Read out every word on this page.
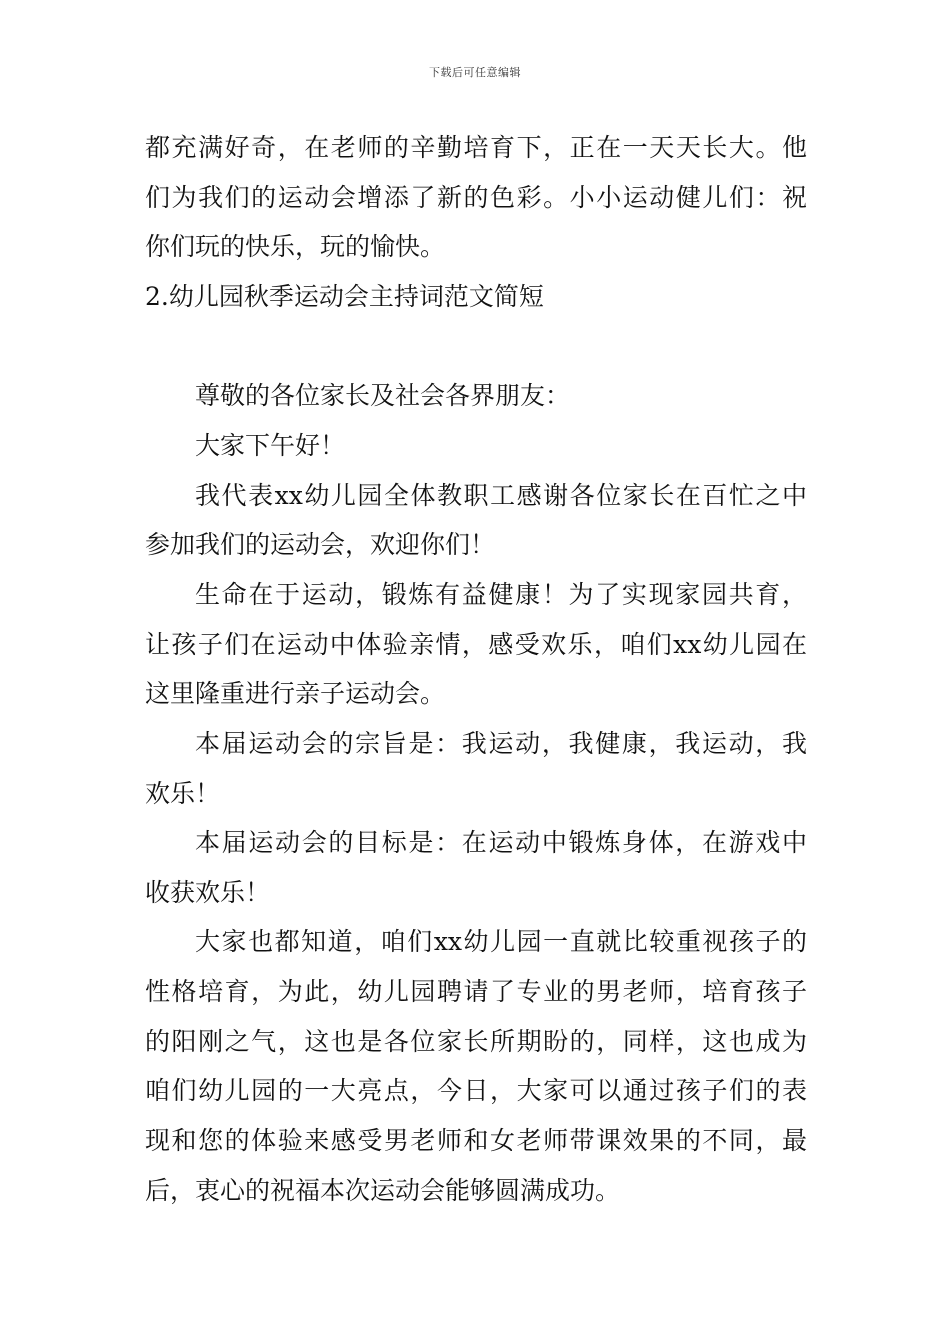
下载后可任意编辑
都充满好奇，在老师的辛勤培育下，正在一天天长大。他
们为我们的运动会增添了新的色彩。小小运动健儿们：祝
你们玩的快乐，玩的愉快。
2.幼儿园秋季运动会主持词范文简短
尊敬的各位家长及社会各界朋友：
大家下午好！
我代表xx幼儿园全体教职工感谢各位家长在百忙之中
参加我们的运动会，欢迎你们！
生命在于运动，锻炼有益健康！为了实现家园共育，
让孩子们在运动中体验亲情，感受欢乐，咱们xx幼儿园在
这里隆重进行亲子运动会。
本届运动会的宗旨是：我运动，我健康，我运动，我
欢乐！
本届运动会的目标是：在运动中锻炼身体，在游戏中
收获欢乐！
大家也都知道，咱们xx幼儿园一直就比较重视孩子的
性格培育，为此，幼儿园聘请了专业的男老师，培育孩子
的阳刚之气，这也是各位家长所期盼的，同样，这也成为
咱们幼儿园的一大亮点，今日，大家可以通过孩子们的表
现和您的体验来感受男老师和女老师带课效果的不同，最
后，衷心的祝福本次运动会能够圆满成功。
